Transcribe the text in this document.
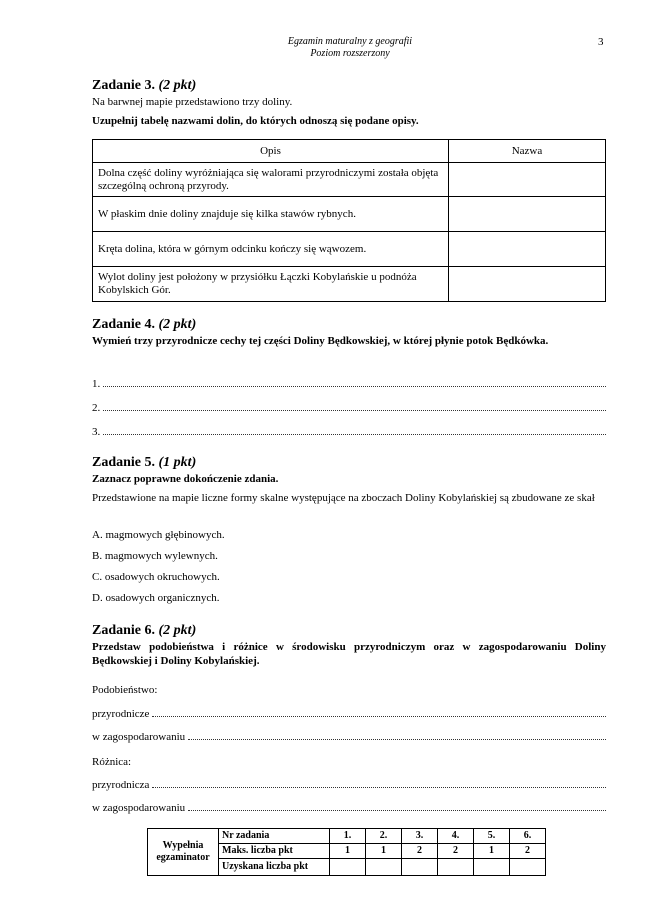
Egzamin maturalny z geografii
Poziom rozszerzony
3
Zadanie 3. (2 pkt)
Na barwnej mapie przedstawiono trzy doliny.
Uzupełnij tabelę nazwami dolin, do których odnoszą się podane opisy.
Opis	Nazwa
Dolna część doliny wyróżniająca się walorami przyrodniczymi została objęta szczególną ochroną przyrody.	
W płaskim dnie doliny znajduje się kilka stawów rybnych.	
Kręta dolina, która w górnym odcinku kończy się wąwozem.	
Wylot doliny jest położony w przysiółku Łączki Kobylańskie u podnóża Kobylskich Gór.	
Zadanie 4. (2 pkt)
Wymień trzy przyrodnicze cechy tej części Doliny Będkowskiej, w której płynie potok Będkówka.
1.
2.
3.
Zadanie 5. (1 pkt)
Zaznacz poprawne dokończenie zdania.
Przedstawione na mapie liczne formy skalne występujące na zboczach Doliny Kobylańskiej są zbudowane ze skał
A. magmowych głębinowych.
B. magmowych wylewnych.
C. osadowych okruchowych.
D. osadowych organicznych.
Zadanie 6. (2 pkt)
Przedstaw podobieństwa i różnice w środowisku przyrodniczym oraz w zagospodarowaniu Doliny Będkowskiej i Doliny Kobylańskiej.
Podobieństwo:
przyrodnicze
w zagospodarowaniu
Różnica:
przyrodnicza
w zagospodarowaniu
Wypełnia egzaminator	Nr zadania	1.	2.	3.	4.	5.	6.
	Maks. liczba pkt	1	1	2	2	1	2
	Uzyskana liczba pkt						
